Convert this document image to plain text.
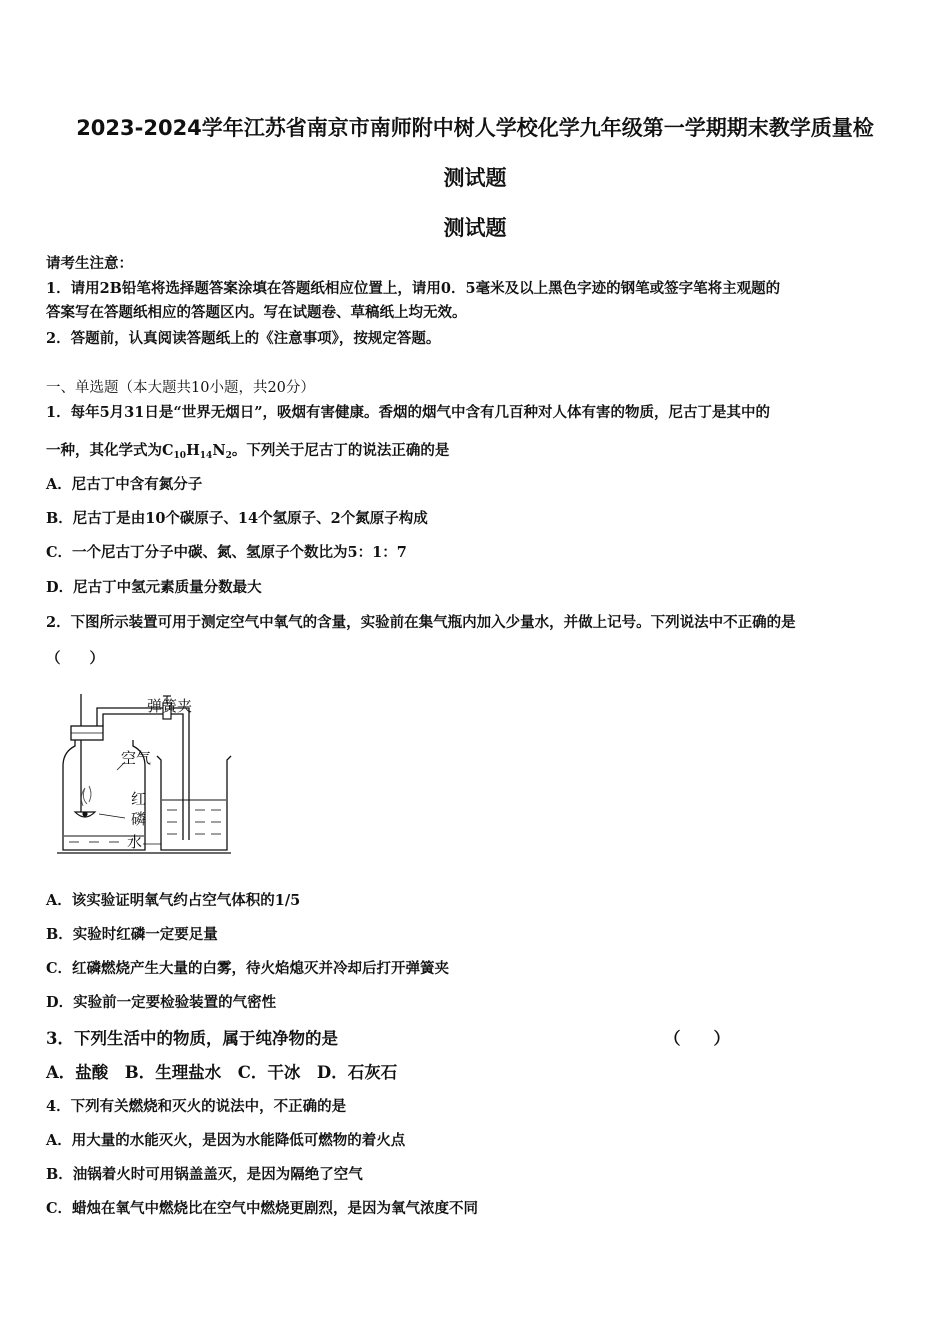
2023-2024学年江苏省南京市南师附中树人学校化学九年级第一学期期末教学质量检
测试题
测试题
请考生注意：
1．请用2B铅笔将选择题答案涂填在答题纸相应位置上，请用0．5毫米及以上黑色字迹的钢笔或签字笔将主观题的
答案写在答题纸相应的答题区内。写在试题卷、草稿纸上均无效。
2．答题前，认真阅读答题纸上的《注意事项》，按规定答题。
一、单选题（本大题共10小题，共20分）
1．每年5月31日是“世界无烟日”，吸烟有害健康。香烟的烟气中含有几百种对人体有害的物质，尼古丁是其中的
一种，其化学式为$C_{10}H_{14}N_2$。下列关于尼古丁的说法正确的是
A．尼古丁中含有氮分子
B．尼古丁是由10个碳原子、14个氢原子、2个氮原子构成
C．一个尼古丁分子中碳、氮、氢原子个数比为5：1：7
D．尼古丁中氢元素质量分数最大
2．下图所示装置可用于测定空气中氧气的含量，实验前在集气瓶内加入少量水，并做上记号。下列说法中不正确的是
（　　）
弹簧夹
空气
红
磷
水
A．该实验证明氧气约占空气体积的1/5
B．实验时红磷一定要足量
C．红磷燃烧产生大量的白雾，待火焰熄灭并冷却后打开弹簧夹
D．实验前一定要检验装置的气密性
3．下列生活中的物质，属于纯净物的是	（　　）
A．盐酸　B．生理盐水　C．干冰　D．石灰石
4．下列有关燃烧和灭火的说法中，不正确的是
A．用大量的水能灭火，是因为水能降低可燃物的着火点
B．油锅着火时可用锅盖盖灭，是因为隔绝了空气
C．蜡烛在氧气中燃烧比在空气中燃烧更剧烈，是因为氧气浓度不同
